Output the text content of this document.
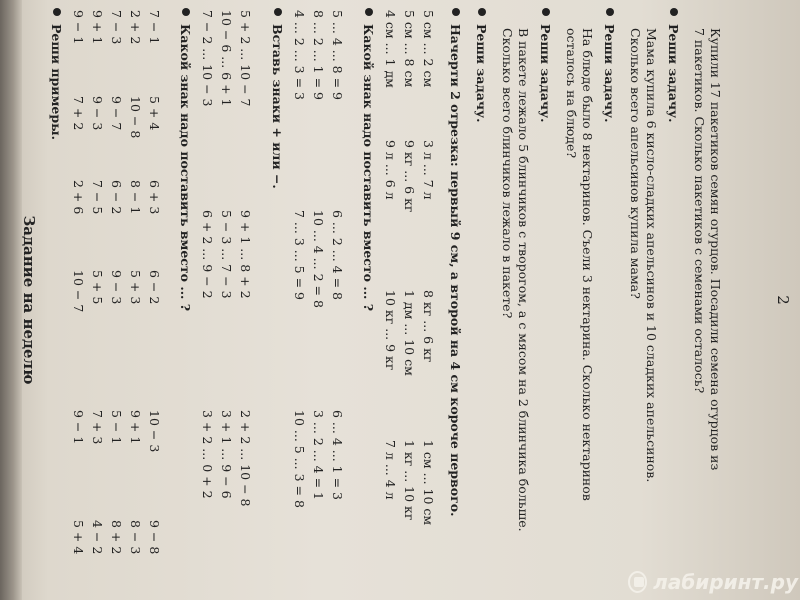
Задание на неделю
Реши примеры. 9 − 1
7 + 2
2 + 6
10 − 7
9 − 1
5 + 4
9 + 1
9 − 3
7 − 5
5 + 5
7 + 3
4 − 2
7 − 3
9 − 7
6 − 2
9 − 3
5 − 1
8 + 2
2 + 2
10 − 8
8 − 1
5 + 3
9 + 1
8 − 3
7 − 1
5 + 4
6 + 3
6 − 2
10 − 3
9 − 8
Какой знак надо поставить вместо ... ? 7 − 2 ... 10 − 3
6 + 2 ... 9 − 2
3 + 2 ... 0 + 2
10 − 6 ... 6 + 1
5 − 3 ... 7 − 3
3 + 1 ... 9 − 6
5 + 2 ... 10 − 7
9 + 1 ... 8 + 2
2 + 2 ... 10 − 8
Вставь знаки + или −. 4 ... 2 ... 3 = 3
7 ... 3 ... 5 = 9
10 ... 5 ... 3 = 8
8 ... 2 ... 1 = 9
10 ... 4 ... 2 = 8
3 ... 2 ... 4 = 1
5 ... 4 ... 8 = 9
6 ... 2 ... 4 = 8
6 ... 4 ... 1 = 3
Какой знак надо поставить вместо ... ? 4 см ... 1 дм
9 л ... 6 л
10 кг ... 9 кг
7 л ... 4 л
5 см ... 8 см
9 кг ... 6 кг
1 дм ... 10 см
1 кг ... 10 кг
5 см ... 2 см
3 л ... 7 л
8 кг ... 6 кг
1 см ... 10 см Начерти 2 отрезка: первый 9 см, а второй на 4 см короче первого. Реши задачу. В пакете лежало 5 блинчиков с творогом, а с мясом на 2 блинчика больше.
Сколько всего блинчиков лежало в пакете? Реши задачу. На блюде было 8 нектаринов. Съели 3 нектарина. Сколько нектаринов
осталось на блюде? Реши задачу. Мама купила 6 кисло-сладких апельсинов и 10 сладких апельсинов.
Сколько всего апельсинов купила мама? Реши задачу. Купили 17 пакетиков семян огурцов. Посадили семена огурцов из
7 пакетиков. Сколько пакетиков с семенами осталось?	2
лабиринт.ру
